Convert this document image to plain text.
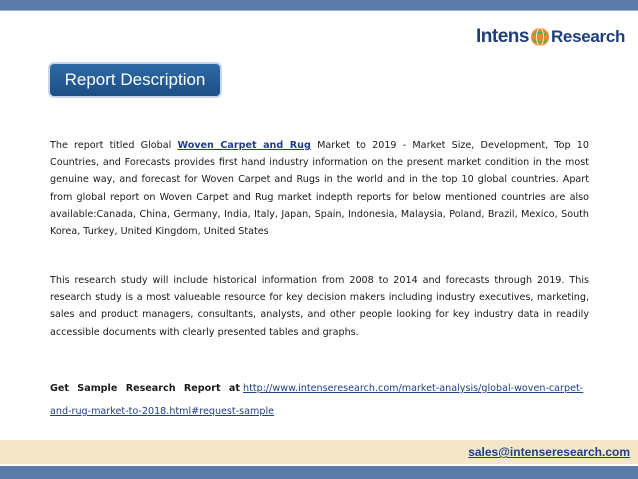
Intens Research
Report Description

The report titled Global Woven Carpet and Rug Market to 2019 - Market Size, Development, Top 10 Countries, and Forecasts provides first hand industry information on the present market condition in the most genuine way, and forecast for Woven Carpet and Rugs in the world and in the top 10 global countries. Apart from global report on Woven Carpet and Rug market indepth reports for below mentioned countries are also available:Canada, China, Germany, India, Italy, Japan, Spain, Indonesia, Malaysia, Poland, Brazil, Mexico, South Korea, Turkey, United Kingdom, United States

This research study will include historical information from 2008 to 2014 and forecasts through 2019. This research study is a most valueable resource for key decision makers including industry executives, marketing, sales and product managers, consultants, analysts, and other people looking for key industry data in readily accessible documents with clearly presented tables and graphs.

Get Sample Research Report at http://www.intenseresearch.com/market-analysis/global-woven-carpet-and-rug-market-to-2018.html#request-sample

sales@intenseresearch.com
